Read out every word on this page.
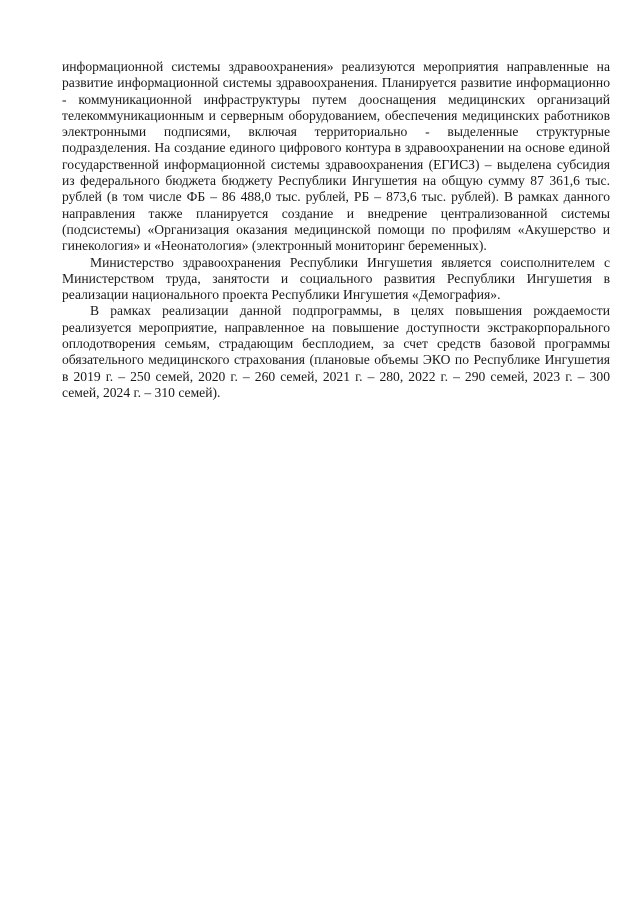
информационной системы здравоохранения» реализуются мероприятия направленные на развитие информационной системы здравоохранения. Планируется развитие информационно - коммуникационной инфраструктуры путем дооснащения медицинских организаций телекоммуникационным и серверным оборудованием, обеспечения медицинских работников электронными подписями, включая территориально - выделенные структурные подразделения. На создание единого цифрового контура в здравоохранении на основе единой государственной информационной системы здравоохранения (ЕГИСЗ) – выделена субсидия из федерального бюджета бюджету Республики Ингушетия на общую сумму 87 361,6 тыс. рублей (в том числе ФБ – 86 488,0 тыс. рублей, РБ – 873,6 тыс. рублей). В рамках данного направления также планируется создание и внедрение централизованной системы (подсистемы) «Организация оказания медицинской помощи по профилям «Акушерство и гинекология» и «Неонатология» (электронный мониторинг беременных).

Министерство здравоохранения Республики Ингушетия является соисполнителем с Министерством труда, занятости и социального развития Республики Ингушетия в реализации национального проекта Республики Ингушетия «Демография».

В рамках реализации данной подпрограммы, в целях повышения рождаемости реализуется мероприятие, направленное на повышение доступности экстракорпорального оплодотворения семьям, страдающим бесплодием, за счет средств базовой программы обязательного медицинского страхования (плановые объемы ЭКО по Республике Ингушетия в 2019 г. – 250 семей, 2020 г. – 260 семей, 2021 г. – 280, 2022 г. – 290 семей, 2023 г. – 300 семей, 2024 г. – 310 семей).
